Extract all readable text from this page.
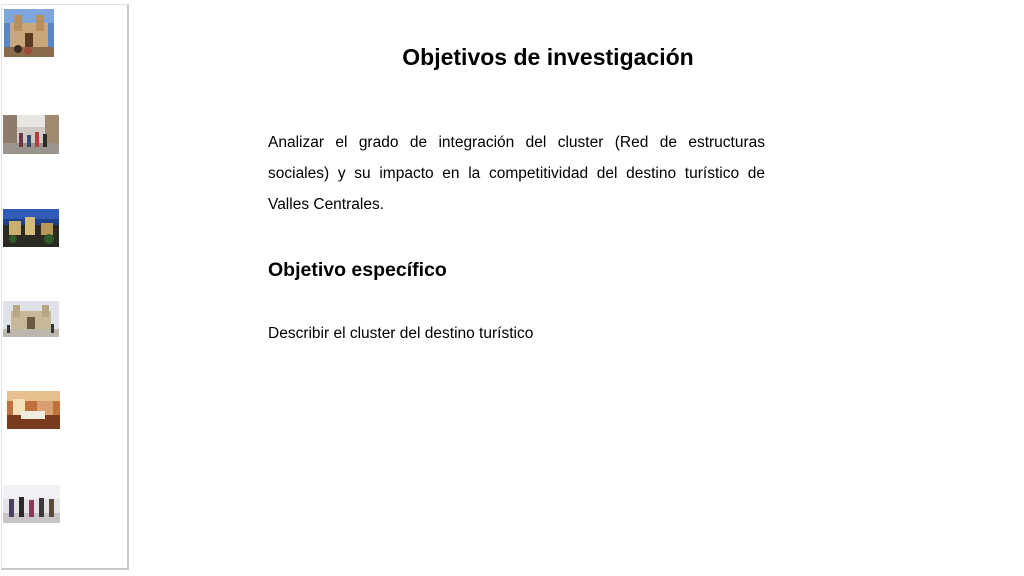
Objetivos de investigación
Analizar el grado de integración del cluster (Red de estructuras sociales) y su impacto en la competitividad del destino turístico de Valles Centrales.
Objetivo específico
Describir el cluster del destino turístico
